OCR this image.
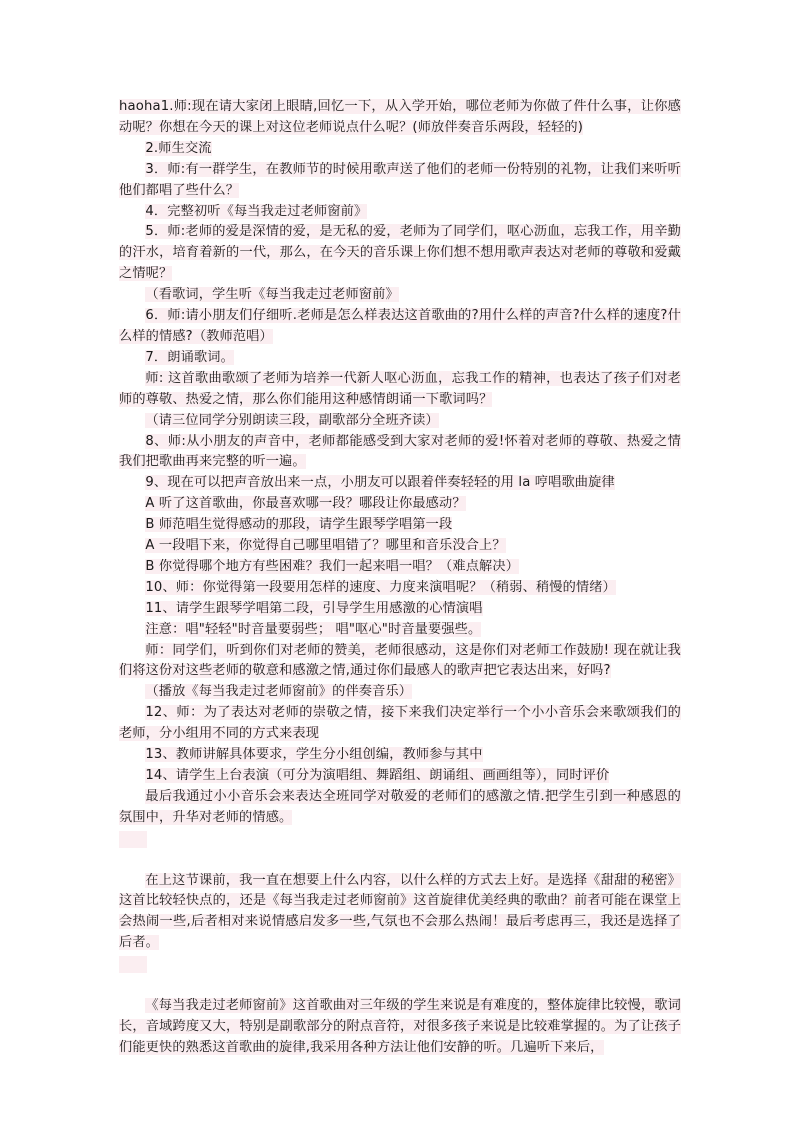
haoha1.师:现在请大家闭上眼睛,回忆一下，从入学开始，哪位老师为你做了件什么事，让你感动呢？你想在今天的课上对这位老师说点什么呢？(师放伴奏音乐两段，轻轻的)

2.师生交流

3．师:有一群学生，在教师节的时候用歌声送了他们的老师一份特别的礼物，让我们来听听他们都唱了些什么？

4．完整初听《每当我走过老师窗前》

5．师:老师的爱是深情的爱，是无私的爱，老师为了同学们，呕心沥血，忘我工作，用辛勤的汗水，培育着新的一代，那么，在今天的音乐课上你们想不想用歌声表达对老师的尊敬和爱戴之情呢？

（看歌词，学生听《每当我走过老师窗前》

6．师:请小朋友们仔细听.老师是怎么样表达这首歌曲的?用什么样的声音?什么样的速度?什么样的情感?（教师范唱）

7．朗诵歌词。

师: 这首歌曲歌颂了老师为培养一代新人呕心沥血，忘我工作的精神，也表达了孩子们对老师的尊敬、热爱之情，那么你们能用这种感情朗诵一下歌词吗？

（请三位同学分别朗读三段，副歌部分全班齐读）

8、师:从小朋友的声音中，老师都能感受到大家对老师的爱!怀着对老师的尊敬、热爱之情我们把歌曲再来完整的听一遍。

9、现在可以把声音放出来一点，小朋友可以跟着伴奏轻轻的用 la 哼唱歌曲旋律

A 听了这首歌曲，你最喜欢哪一段？哪段让你最感动？

B 师范唱生觉得感动的那段，请学生跟琴学唱第一段

A 一段唱下来，你觉得自己哪里唱错了？哪里和音乐没合上？

B 你觉得哪个地方有些困难？我们一起来唱一唱？（难点解决）

10、师：你觉得第一段要用怎样的速度、力度来演唱呢？（稍弱、稍慢的情绪）

11、请学生跟琴学唱第二段，引导学生用感激的心情演唱

注意：唱"轻轻"时音量要弱些； 唱"呕心"时音量要强些。

师：同学们，听到你们对老师的赞美，老师很感动，这是你们对老师工作鼓励! 现在就让我们将这份对这些老师的敬意和感激之情,通过你们最感人的歌声把它表达出来，好吗?

（播放《每当我走过老师窗前》的伴奏音乐）

12、师：为了表达对老师的崇敬之情，接下来我们决定举行一个小小音乐会来歌颂我们的老师，分小组用不同的方式来表现

13、教师讲解具体要求，学生分小组创编，教师参与其中

14、请学生上台表演（可分为演唱组、舞蹈组、朗诵组、画画组等），同时评价

最后我通过小小音乐会来表达全班同学对敬爱的老师们的感激之情.把学生引到一种感恩的氛围中，升华对老师的情感。

在上这节课前，我一直在想要上什么内容，以什么样的方式去上好。是选择《甜甜的秘密》这首比较轻快点的，还是《每当我走过老师窗前》这首旋律优美经典的歌曲？前者可能在课堂上会热闹一些,后者相对来说情感启发多一些,气氛也不会那么热闹！最后考虑再三，我还是选择了后者。

《每当我走过老师窗前》这首歌曲对三年级的学生来说是有难度的，整体旋律比较慢，歌词长，音域跨度又大，特别是副歌部分的附点音符，对很多孩子来说是比较难掌握的。为了让孩子们能更快的熟悉这首歌曲的旋律,我采用各种方法让他们安静的听。几遍听下来后，
